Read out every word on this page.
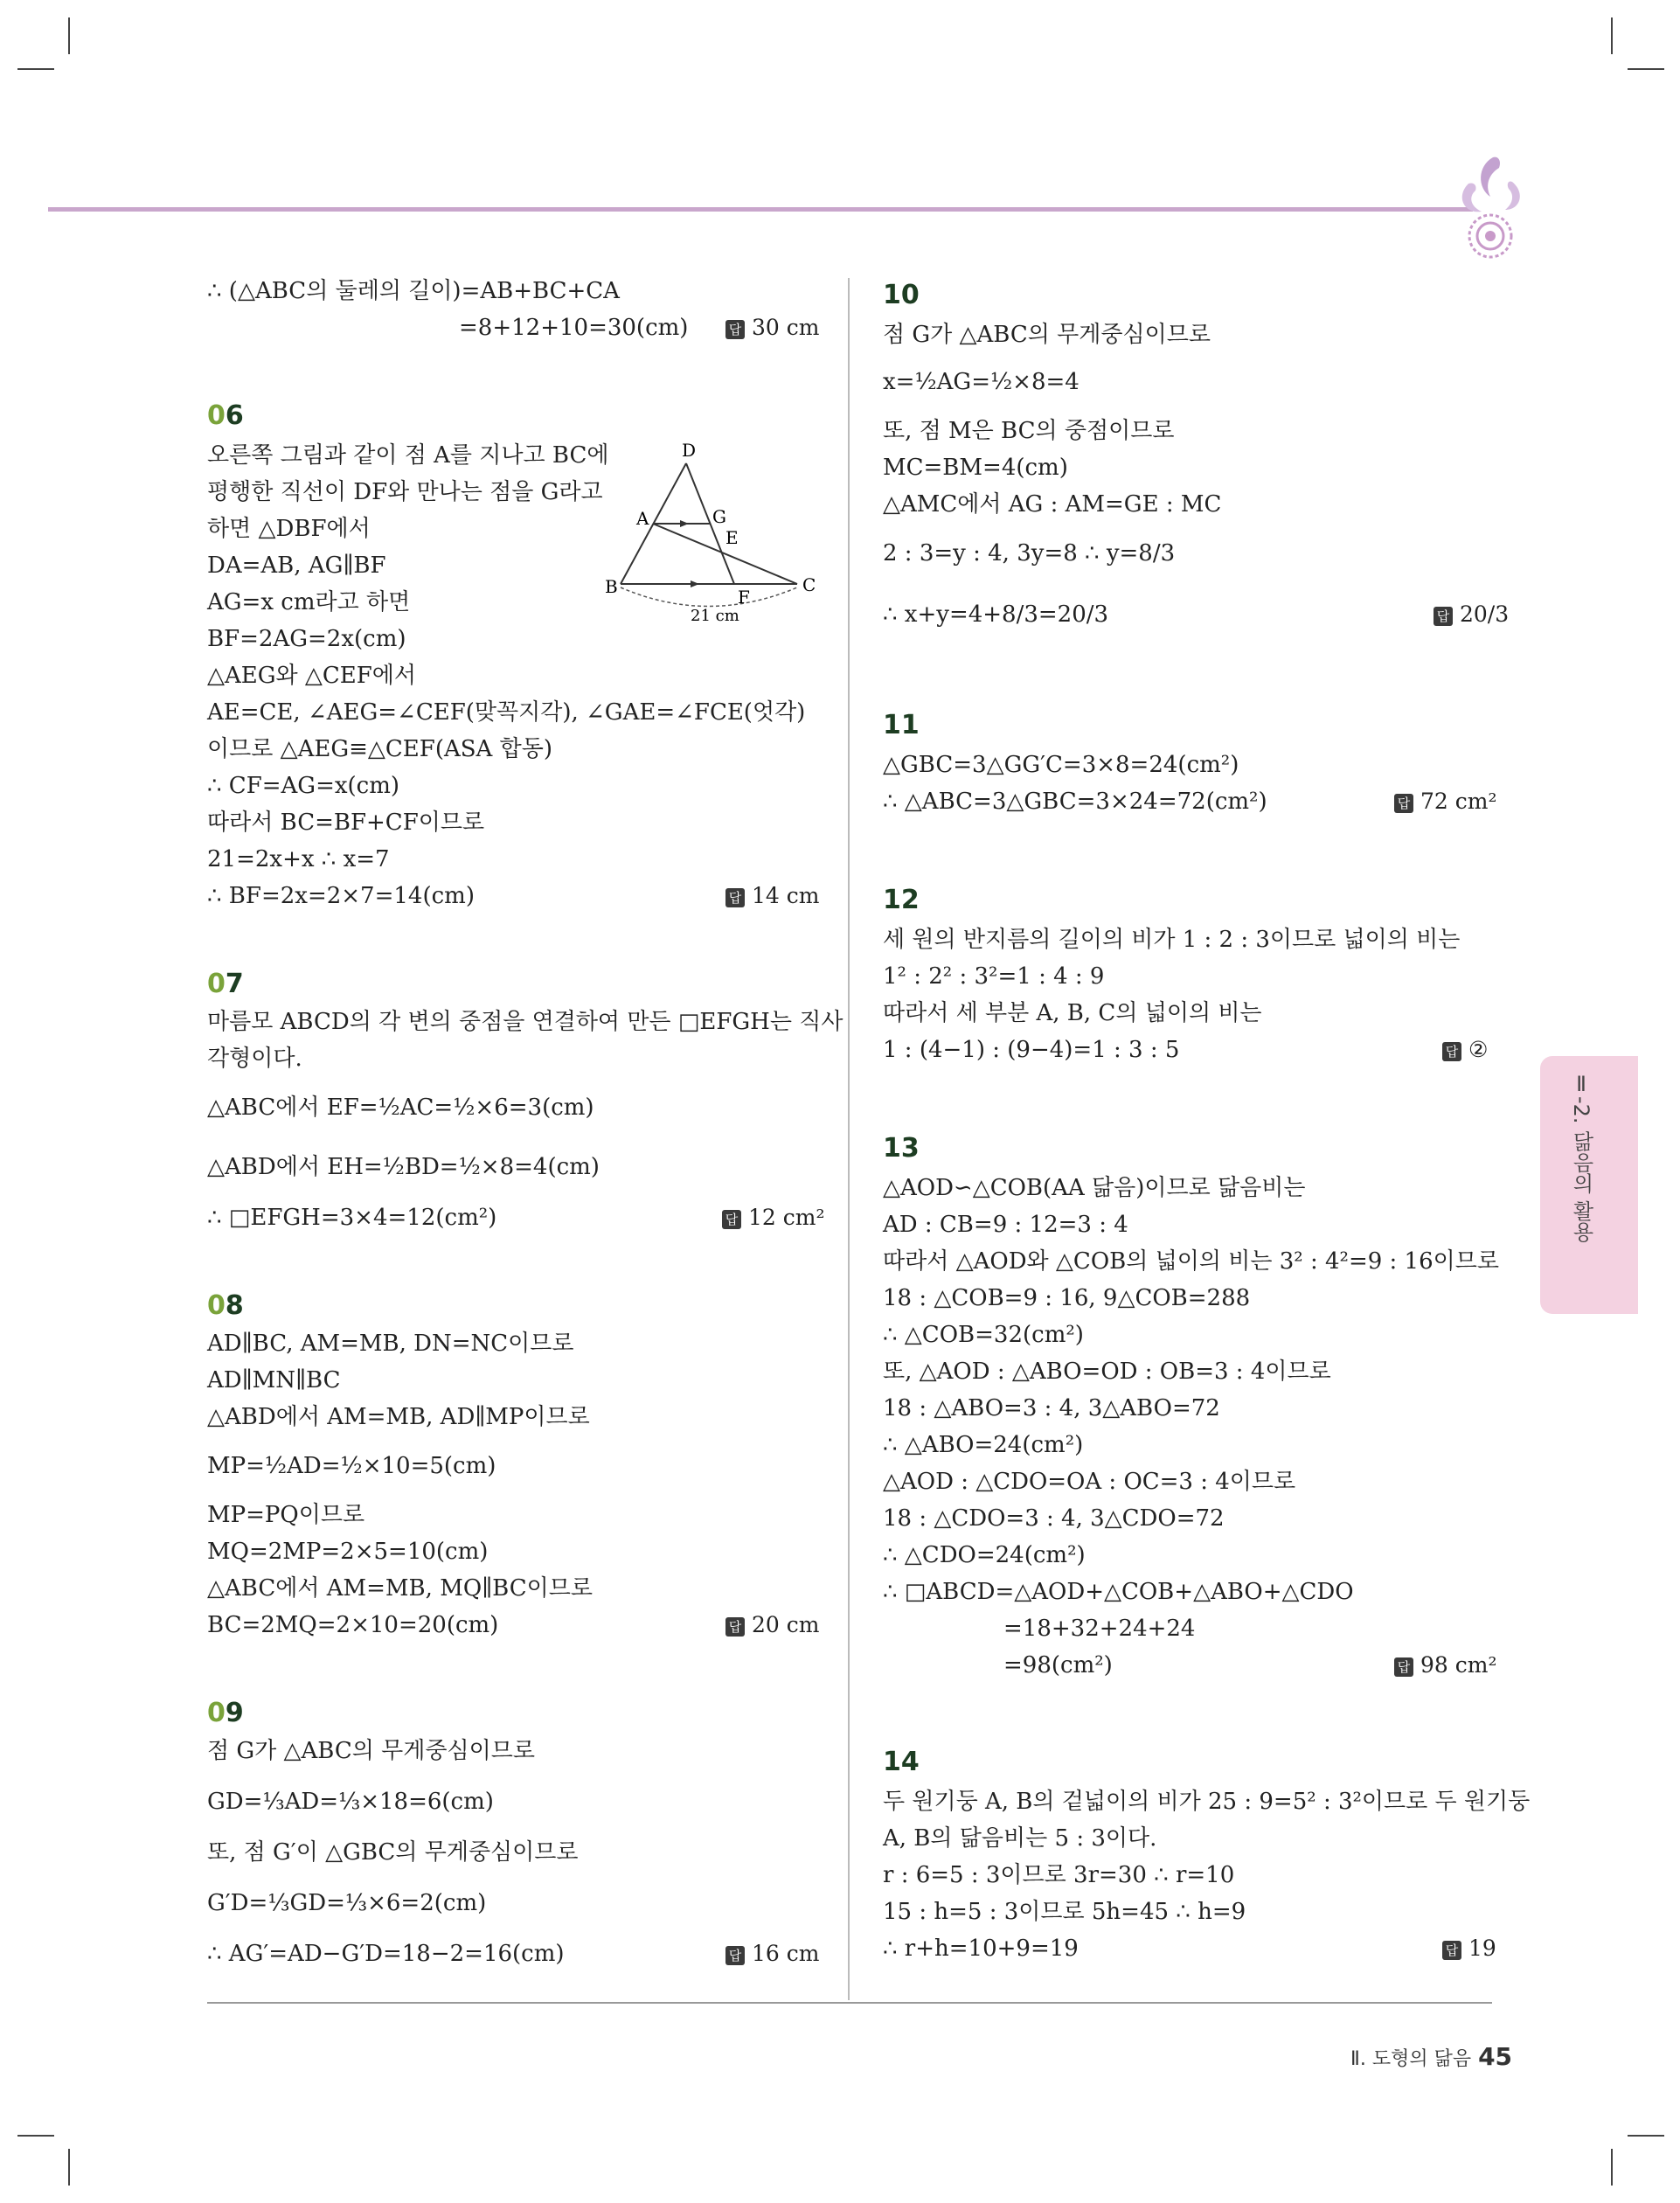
∴ (△ABC의 둘레의 길이)=AB+BC+CA
=8+12+10=30(cm)	답 30 cm
06
오른쪽 그림과 같이 점 A를 지나고 BC에
평행한 직선이 DF와 만나는 점을 G라고
하면 △DBF에서
DA=AB, AG∥BF
AG=x cm라고 하면
BF=2AG=2x(cm)
△AEG와 △CEF에서
AE=CE, ∠AEG=∠CEF(맞꼭지각), ∠GAE=∠FCE(엇각)
이므로 △AEG≡△CEF(ASA 합동)
∴ CF=AG=x(cm)
따라서 BC=BF+CF이므로
21=2x+x ∴ x=7
∴ BF=2x=2×7=14(cm)	답 14 cm
D
A	G
E
B	F
C
21 cm
07
마름모 ABCD의 각 변의 중점을 연결하여 만든 □EFGH는 직사
각형이다.
△ABC에서 EF=½AC=½×6=3(cm)
△ABD에서 EH=½BD=½×8=4(cm)
∴ □EFGH=3×4=12(cm²)	답 12 cm²
08
AD∥BC, AM=MB, DN=NC이므로
AD∥MN∥BC
△ABD에서 AM=MB, AD∥MP이므로
MP=½AD=½×10=5(cm)
MP=PQ이므로
MQ=2MP=2×5=10(cm)
△ABC에서 AM=MB, MQ∥BC이므로
BC=2MQ=2×10=20(cm)	답 20 cm
09
점 G가 △ABC의 무게중심이므로
GD=⅓AD=⅓×18=6(cm)
또, 점 G′이 △GBC의 무게중심이므로
G′D=⅓GD=⅓×6=2(cm)
∴ AG′=AD−G′D=18−2=16(cm)	답 16 cm
10
점 G가 △ABC의 무게중심이므로
x=½AG=½×8=4
또, 점 M은 BC의 중점이므로
MC=BM=4(cm)
△AMC에서 AG : AM=GE : MC
2 : 3=y : 4, 3y=8 ∴ y=8/3
∴ x+y=4+8/3=20/3	답 20/3
11
△GBC=3△GG′C=3×8=24(cm²)
∴ △ABC=3△GBC=3×24=72(cm²)	답 72 cm²
12
세 원의 반지름의 길이의 비가 1 : 2 : 3이므로 넓이의 비는
1² : 2² : 3²=1 : 4 : 9
따라서 세 부분 A, B, C의 넓이의 비는
1 : (4−1) : (9−4)=1 : 3 : 5	답 ②
13
△AOD∽△COB(AA 닮음)이므로 닮음비는
AD : CB=9 : 12=3 : 4
따라서 △AOD와 △COB의 넓이의 비는 3² : 4²=9 : 16이므로
18 : △COB=9 : 16, 9△COB=288
∴ △COB=32(cm²)
또, △AOD : △ABO=OD : OB=3 : 4이므로
18 : △ABO=3 : 4, 3△ABO=72
∴ △ABO=24(cm²)
△AOD : △CDO=OA : OC=3 : 4이므로
18 : △CDO=3 : 4, 3△CDO=72
∴ △CDO=24(cm²)
∴ □ABCD=△AOD+△COB+△ABO+△CDO
=18+32+24+24
=98(cm²)	답 98 cm²
14
두 원기둥 A, B의 겉넓이의 비가 25 : 9=5² : 3²이므로 두 원기둥
A, B의 닮음비는 5 : 3이다.
r : 6=5 : 3이므로 3r=30 ∴ r=10
15 : h=5 : 3이므로 5h=45 ∴ h=9
∴ r+h=10+9=19	답 19
Ⅱ-2. 닮음의 활용
Ⅱ. 도형의 닮음 45
